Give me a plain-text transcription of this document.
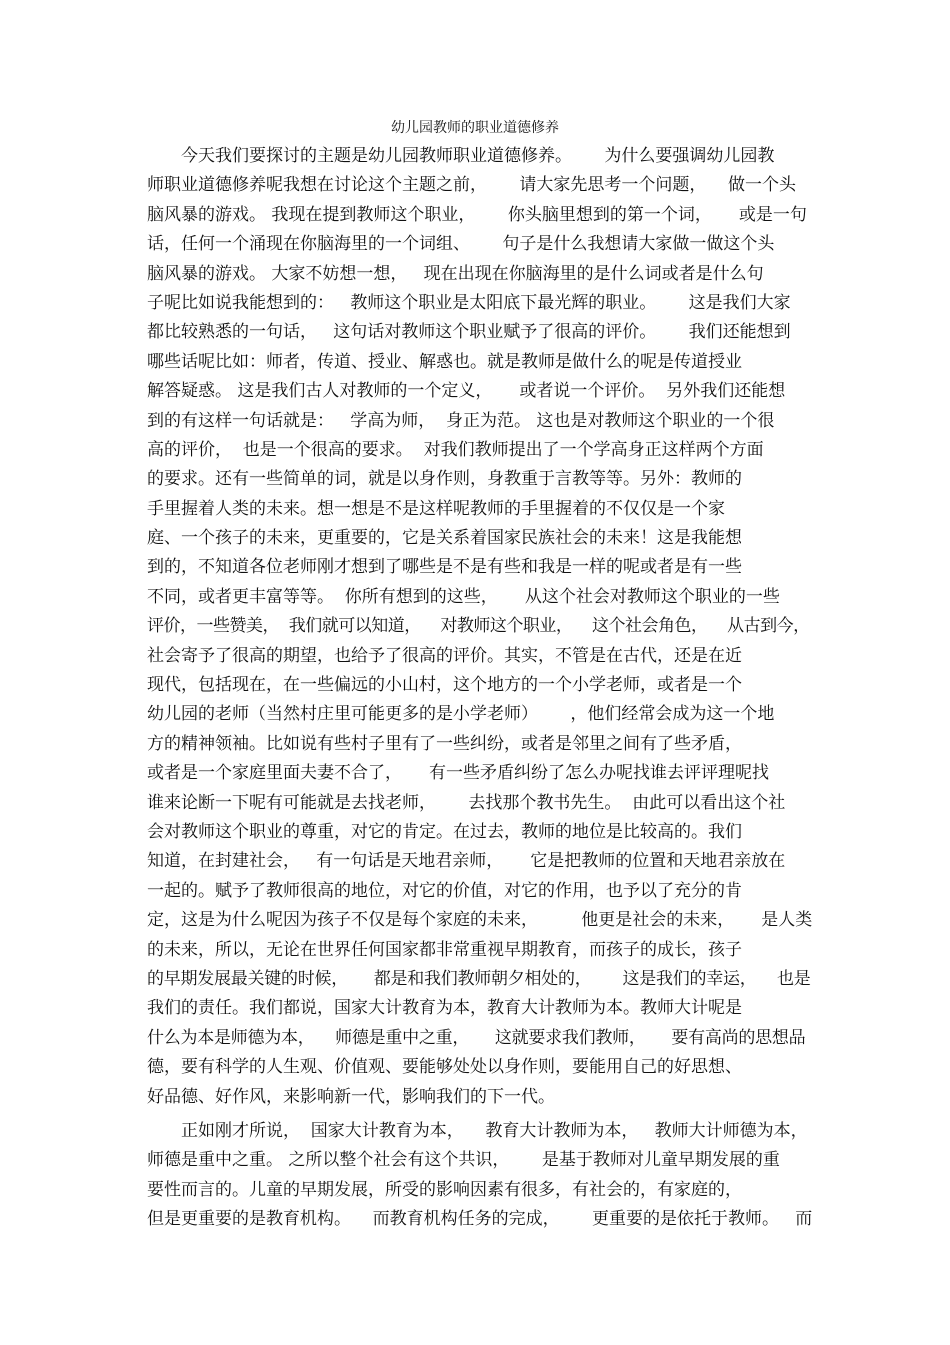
幼儿园教师的职业道德修养
今天我们要探讨的主题是幼儿园教师职业道德修养。      为什么要强调幼儿园教
师职业道德修养呢我想在讨论这个主题之前，      请大家先思考一个问题，    做一个头
脑风暴的游戏。 我现在提到教师这个职业，      你头脑里想到的第一个词，     或是一句
话，任何一个涌现在你脑海里的一个词组、      句子是什么我想请大家做一做这个头
脑风暴的游戏。 大家不妨想一想，   现在出现在你脑海里的是什么词或者是什么句
子呢比如说我能想到的：   教师这个职业是太阳底下最光辉的职业。      这是我们大家
都比较熟悉的一句话，   这句话对教师这个职业赋予了很高的评价。      我们还能想到
哪些话呢比如：师者，传道、授业、解惑也。就是教师是做什么的呢是传道授业
解答疑惑。 这是我们古人对教师的一个定义，     或者说一个评价。  另外我们还能想
到的有这样一句话就是：   学高为师，  身正为范。 这也是对教师这个职业的一个很
高的评价，  也是一个很高的要求。  对我们教师提出了一个学高身正这样两个方面
的要求。还有一些简单的词，就是以身作则，身教重于言教等等。另外：教师的
手里握着人类的未来。想一想是不是这样呢教师的手里握着的不仅仅是一个家
庭、一个孩子的未来，更重要的，它是关系着国家民族社会的未来！这是我能想
到的，不知道各位老师刚才想到了哪些是不是有些和我是一样的呢或者是有一些
不同，或者更丰富等等。  你所有想到的这些，     从这个社会对教师这个职业的一些
评价，一些赞美，  我们就可以知道，    对教师这个职业，    这个社会角色，    从古到今，
社会寄予了很高的期望，也给予了很高的评价。其实，不管是在古代，还是在近
现代，包括现在，在一些偏远的小山村，这个地方的一个小学老师，或者是一个
幼儿园的老师（当然村庄里可能更多的是小学老师）      ，他们经常会成为这一个地
方的精神领袖。比如说有些村子里有了一些纠纷，或者是邻里之间有了些矛盾，
或者是一个家庭里面夫妻不合了，     有一些矛盾纠纷了怎么办呢找谁去评评理呢找
谁来论断一下呢有可能就是去找老师，      去找那个教书先生。  由此可以看出这个社
会对教师这个职业的尊重，对它的肯定。在过去，教师的地位是比较高的。我们
知道，在封建社会，   有一句话是天地君亲师，     它是把教师的位置和天地君亲放在
一起的。赋予了教师很高的地位，对它的价值，对它的作用，也予以了充分的肯
定，这是为什么呢因为孩子不仅是每个家庭的未来，        他更是社会的未来，     是人类
的未来，所以，无论在世界任何国家都非常重视早期教育，而孩子的成长，孩子
的早期发展最关键的时候，     都是和我们教师朝夕相处的，      这是我们的幸运，    也是
我们的责任。我们都说，国家大计教育为本，教育大计教师为本。教师大计呢是
什么为本是师德为本，    师德是重中之重，     这就要求我们教师，     要有高尚的思想品
德，要有科学的人生观、价值观、要能够处处以身作则，要能用自己的好思想、
好品德、好作风，来影响新一代，影响我们的下一代。
正如刚才所说，  国家大计教育为本，    教育大计教师为本，   教师大计师德为本，
师德是重中之重。 之所以整个社会有这个共识，      是基于教师对儿童早期发展的重
要性而言的。儿童的早期发展，所受的影响因素有很多，有社会的，有家庭的，
但是更重要的是教育机构。    而教育机构任务的完成，      更重要的是依托于教师。   而
